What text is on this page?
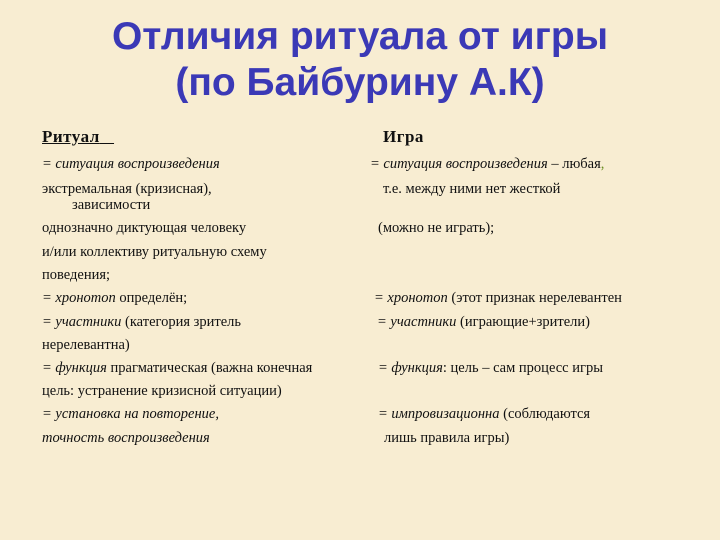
Отличия ритуала от игры
(по Байбурину А.К)
Ритуал
= ситуация воспроизведения
экстремальная (кризисная),
зависимости
однозначно диктующая человеку
и/или коллективу ритуальную схему
поведения;
= хронотоп определён;
= участники (категория зритель
нерелевантна)
= функция прагматическая (важна конечная
цель: устранение кризисной ситуации)
= установка на повторение,
точность воспроизведения
Игра
= ситуация воспроизведения – любая,
т.е. между ними нет жесткой
(можно не играть);
= хронотоп (этот признак нерелевантен
= участники (играющие+зрители)
= функция: цель – сам процесс игры
= импровизационна (соблюдаются
лишь правила игры)
